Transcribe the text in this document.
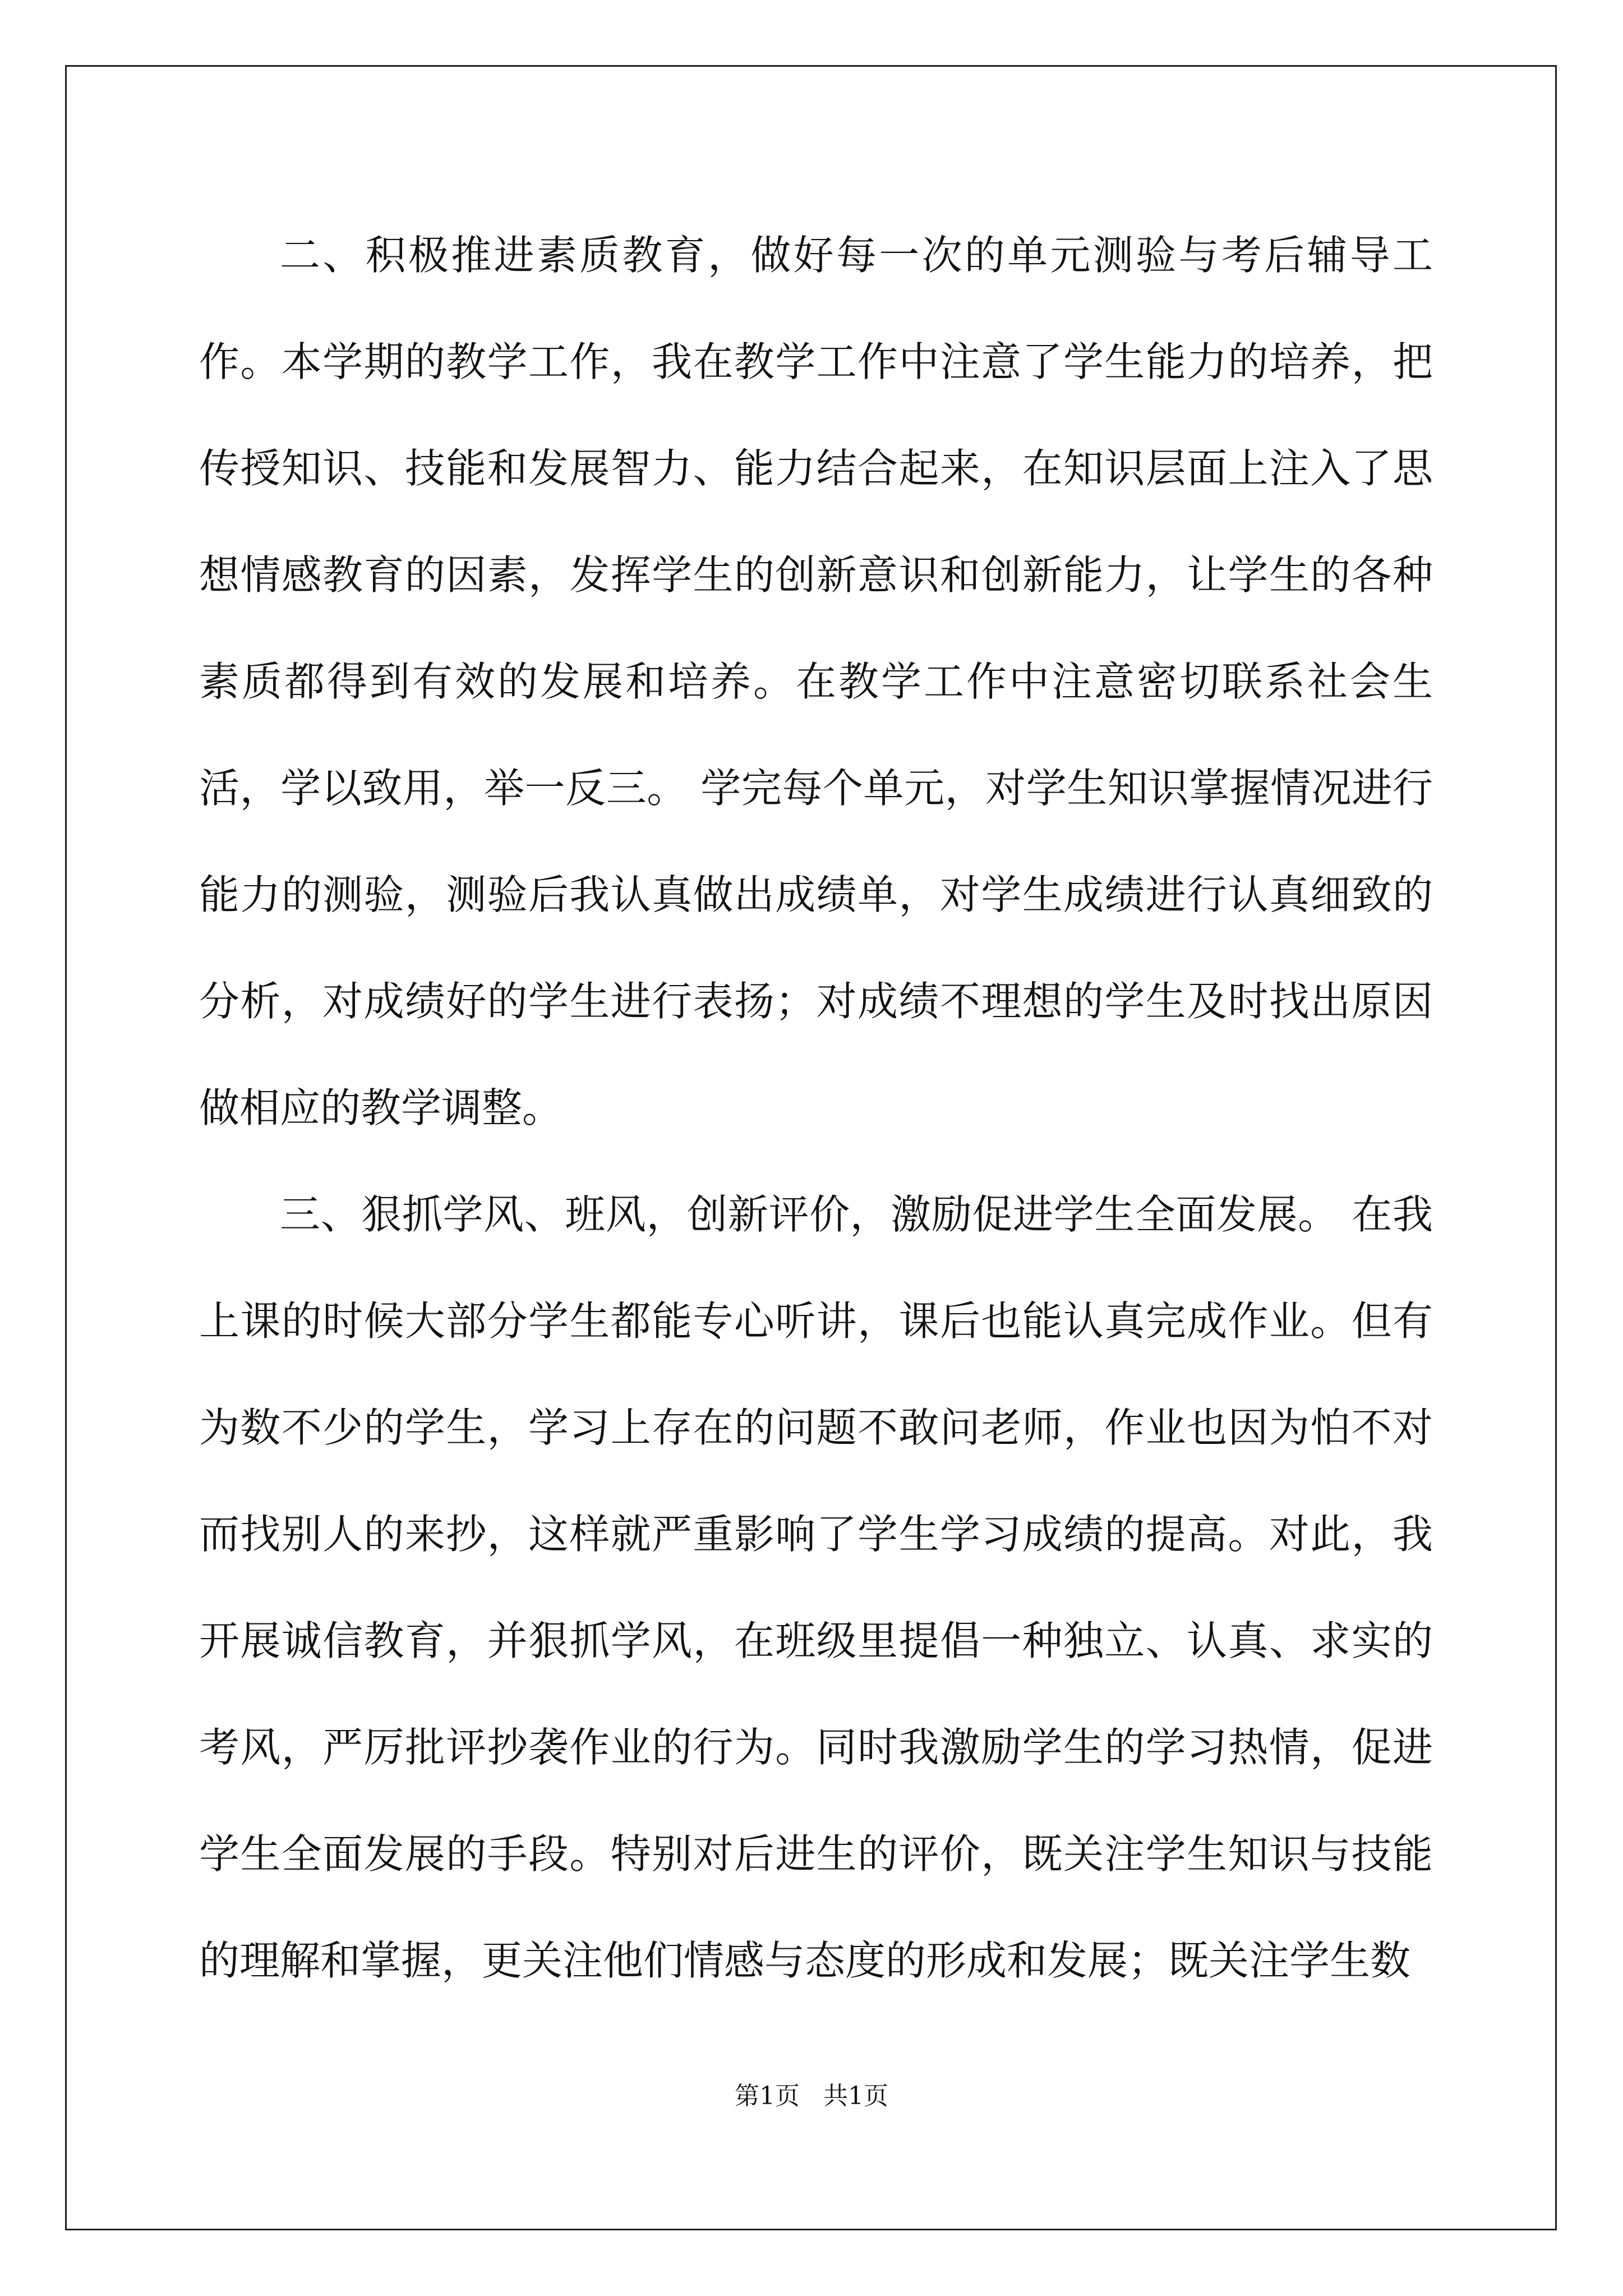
二、积极推进素质教育，做好每一次的单元测验与考后辅导工作。本学期的教学工作，我在教学工作中注意了学生能力的培养，把传授知识、技能和发展智力、能力结合起来，在知识层面上注入了思想情感教育的因素，发挥学生的创新意识和创新能力，让学生的各种素质都得到有效的发展和培养。在教学工作中注意密切联系社会生活，学以致用，举一反三。 学完每个单元，对学生知识掌握情况进行能力的测验，测验后我认真做出成绩单，对学生成绩进行认真细致的分析，对成绩好的学生进行表扬；对成绩不理想的学生及时找出原因做相应的教学调整。

三、狠抓学风、班风，创新评价，激励促进学生全面发展。 在我上课的时候大部分学生都能专心听讲，课后也能认真完成作业。但有为数不少的学生，学习上存在的问题不敢问老师，作业也因为怕不对而找别人的来抄，这样就严重影响了学生学习成绩的提高。对此，我开展诚信教育，并狠抓学风，在班级里提倡一种独立、认真、求实的考风，严厉批评抄袭作业的行为。同时我激励学生的学习热情，促进学生全面发展的手段。特别对后进生的评价，既关注学生知识与技能的理解和掌握，更关注他们情感与态度的形成和发展；既关注学生数

第1页   共1页
